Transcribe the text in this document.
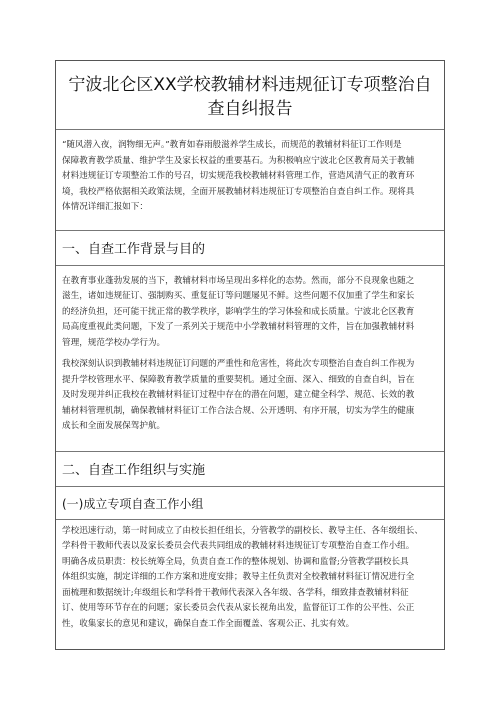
宁波北仑区XX学校教辅材料违规征订专项整治自
查自纠报告

“随风潜入夜，润物细无声。”教育如春雨般滋养学生成长，而规范的教辅材料征订工作则是
保障教育教学质量、维护学生及家长权益的重要基石。为积极响应宁波北仑区教育局关于教辅
材料违规征订专项整治工作的号召，切实规范我校教辅材料管理工作，营造风清气正的教育环
境，我校严格依据相关政策法规，全面开展教辅材料违规征订专项整治自查自纠工作。现将具
体情况详细汇报如下：

一、自查工作背景与目的

在教育事业蓬勃发展的当下，教辅材料市场呈现出多样化的态势。然而，部分不良现象也随之
滋生，诸如违规征订、强制购买、重复征订等问题屡见不鲜。这些问题不仅加重了学生和家长
的经济负担，还可能干扰正常的教学秩序，影响学生的学习体验和成长质量。宁波北仑区教育
局高度重视此类问题，下发了一系列关于规范中小学教辅材料管理的文件，旨在加强教辅材料
管理，规范学校办学行为。

我校深刻认识到教辅材料违规征订问题的严重性和危害性，将此次专项整治自查自纠工作视为
提升学校管理水平、保障教育教学质量的重要契机。通过全面、深入、细致的自查自纠，旨在
及时发现并纠正我校在教辅材料征订过程中存在的潜在问题，建立健全科学、规范、长效的教
辅材料管理机制，确保教辅材料征订工作合法合规、公开透明、有序开展，切实为学生的健康
成长和全面发展保驾护航。

二、自查工作组织与实施
(一)成立专项自查工作小组

学校迅速行动，第一时间成立了由校长担任组长，分管教学的副校长、教导主任、各年级组长、
学科骨干教师代表以及家长委员会代表共同组成的教辅材料违规征订专项整治自查工作小组。
明确各成员职责：校长统筹全局，负责自查工作的整体规划、协调和监督;分管教学副校长具
体组织实施，制定详细的工作方案和进度安排；教导主任负责对全校教辅材料征订情况进行全
面梳理和数据统计;年级组长和学科骨干教师代表深入各年级、各学科，细致排查教辅材料征
订、使用等环节存在的问题；家长委员会代表从家长视角出发，监督征订工作的公平性、公正
性，收集家长的意见和建议，确保自查工作全面覆盖、客观公正、扎实有效。
